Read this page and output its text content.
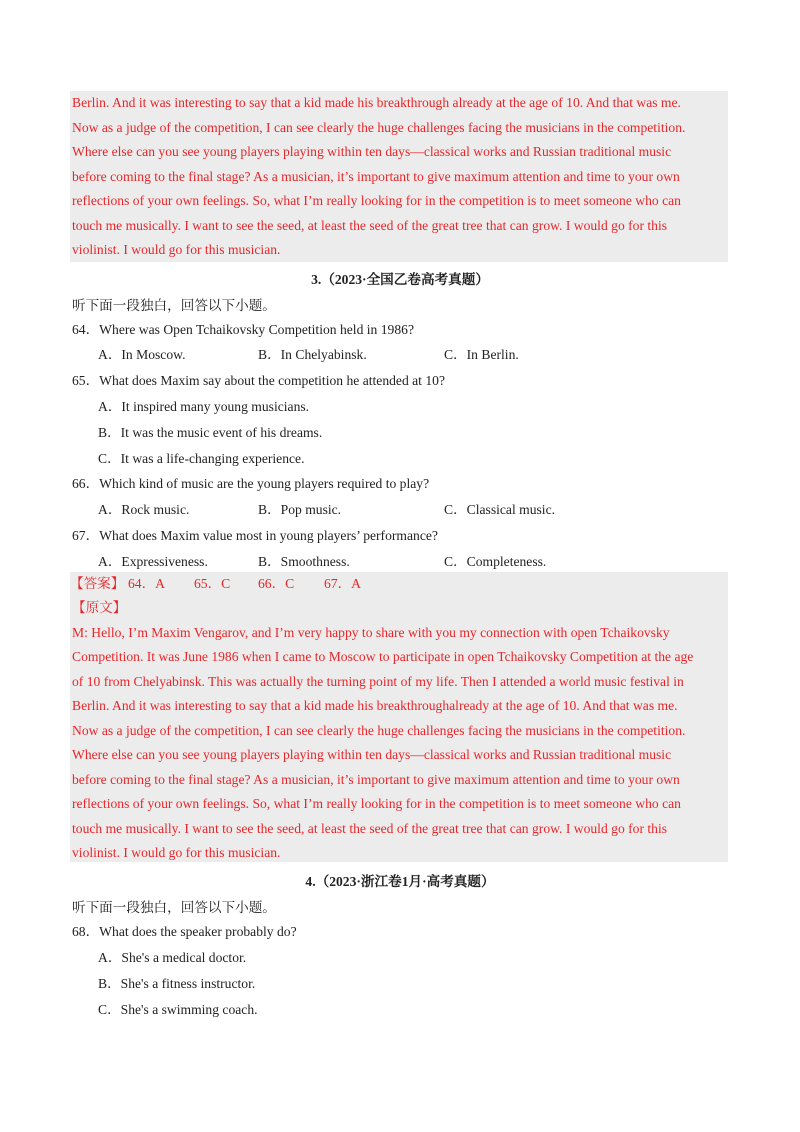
Berlin. And it was interesting to say that a kid made his breakthrough already at the age of 10. And that was me.
Now as a judge of the competition, I can see clearly the huge challenges facing the musicians in the competition.
Where else can you see young players playing within ten days—classical works and Russian traditional music
before coming to the final stage? As a musician, it’s important to give maximum attention and time to your own
reflections of your own feelings. So, what I’m really looking for in the competition is to meet someone who can
touch me musically. I want to see the seed, at least the seed of the great tree that can grow. I would go for this
violinist. I would go for this musician.
3.（2023·全国乙卷高考真题）
听下面一段独白，回答以下小题。
64．Where was Open Tchaikovsky Competition held in 1986?
A．In Moscow.	B．In Chelyabinsk.	C．In Berlin.
65．What does Maxim say about the competition he attended at 10?
A．It inspired many young musicians.
B．It was the music event of his dreams.
C．It was a life-changing experience.
66．Which kind of music are the young players required to play?
A．Rock music.	B．Pop music.	C．Classical music.
67．What does Maxim value most in young players’ performance?
A．Expressiveness.	B．Smoothness.	C．Completeness.
【答案】 64．A 65．C 66．C 67．A
【原文】
M: Hello, I’m Maxim Vengarov, and I’m very happy to share with you my connection with open Tchaikovsky
Competition. It was June 1986 when I came to Moscow to participate in open Tchaikovsky Competition at the age
of 10 from Chelyabinsk. This was actually the turning point of my life. Then I attended a world music festival in
Berlin. And it was interesting to say that a kid made his breakthroughalready at the age of 10. And that was me.
Now as a judge of the competition, I can see clearly the huge challenges facing the musicians in the competition.
Where else can you see young players playing within ten days—classical works and Russian traditional music
before coming to the final stage? As a musician, it’s important to give maximum attention and time to your own
reflections of your own feelings. So, what I’m really looking for in the competition is to meet someone who can
touch me musically. I want to see the seed, at least the seed of the great tree that can grow. I would go for this
violinist. I would go for this musician.
4.（2023·浙江卷1月·高考真题）
听下面一段独白，回答以下小题。
68．What does the speaker probably do?
A．She's a medical doctor.
B．She's a fitness instructor.
C．She's a swimming coach.
